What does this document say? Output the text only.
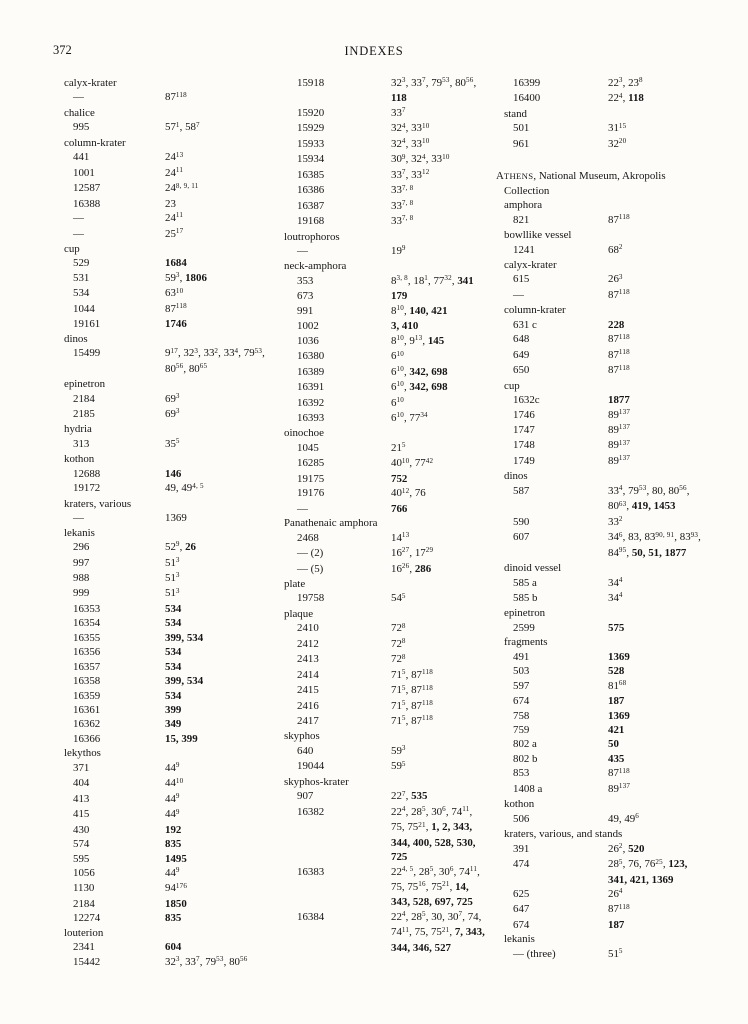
372	INDEXES
calyx-krater
—	$87^{118}$
chalice
995	$57^1$, $58^7$
column-krater
441	$24^{13}$
1001	$24^{11}$
12587	24$^{8, 9, 11}$
16388	23
—	$24^{11}$
—	$25^{17}$
cup
529	1684
531	$59^3$, 1806
534	$63^{10}$
1044	$87^{118}$
19161	1746
dinos
15499	$9^{17}$, $32^3$, $33^2$, $33^4$, $79^{53}$, $80^{56}$, $80^{65}$
epinetron
2184	$69^3$
2185	$69^3$
hydria
313	$35^5$
kothon
12688	146
19172	49, 49$^{4, 5}$
kraters, various
—	1369
lekanis
296	$52^9$, 26
997	$51^3$
988	$51^3$
999	$51^3$
16353	534
16354	534
16355	399, 534
16356	534
16357	534
16358	399, 534
16359	534
16361	399
16362	349
16366	15, 399
lekythos
371	$44^9$
404	$44^{10}$
413	$44^9$
415	$44^9$
430	192
574	835
595	1495
1056	$44^9$
1130	$94^{176}$
2184	1850
12274	835
louterion
2341	604
15442	$32^3$, $33^7$, $79^{53}$, $80^{56}$
15918	$32^3$, $33^7$, $79^{53}$, $80^{56}$, 118
15920	$33^7$
15929	$32^4$, $33^{10}$
15933	$32^4$, $33^{10}$
15934	$30^9$, $32^4$, $33^{10}$
16385	$33^7$, $33^{12}$
16386	33$^{7, 8}$
16387	33$^{7, 8}$
19168	33$^{7, 8}$
loutrophoros
—	$19^9$
neck-amphora
353	8$^{3, 8}$, $18^1$, $77^{32}$, 341
673	179
991	$8^{10}$, 140, 421
1002	3, 410
1036	$8^{10}$, $9^{13}$, 145
16380	$6^{10}$
16389	$6^{10}$, 342, 698
16391	$6^{10}$, 342, 698
16392	$6^{10}$
16393	$6^{10}$, $77^{34}$
oinochoe
1045	$21^5$
16285	$40^{10}$, $77^{42}$
19175	752
19176	$40^{12}$, 76
—	766
Panathenaic amphora
2468	$14^{13}$
— (2)	$16^{27}$, $17^{29}$
— (5)	$16^{26}$, 286
plate
19758	$54^5$
plaque
2410	$72^8$
2412	$72^8$
2413	$72^8$
2414	$71^5$, $87^{118}$
2415	$71^5$, $87^{118}$
2416	$71^5$, $87^{118}$
2417	$71^5$, $87^{118}$
skyphos
640	$59^3$
19044	$59^5$
skyphos-krater
907	$22^7$, 535
16382	$22^4$, $28^5$, $30^6$, $74^{11}$, 75, $75^{21}$, 1, 2, 343, 344, 400, 528, 530, 725
16383	22$^{4, 5}$, $28^5$, $30^6$, $74^{11}$, 75, $75^{16}$, $75^{21}$, 14, 343, 528, 697, 725
16384	$22^4$, $28^5$, 30, $30^7$, 74, $74^{11}$, 75, $75^{21}$, 7, 343, 344, 346, 527
16399	$22^3$, $23^8$
16400	$22^4$, 118
stand
501	$31^{15}$
961	$32^{20}$
ATHENS, National Museum, Akropolis
Collection
amphora
821	$87^{118}$
bowllike vessel
1241	$68^2$
calyx-krater
615	$26^3$
—	$87^{118}$
column-krater
631 c	228
648	$87^{118}$
649	$87^{118}$
650	$87^{118}$
cup
1632c	1877
1746	$89^{137}$
1747	$89^{137}$
1748	$89^{137}$
1749	$89^{137}$
dinos
587	$33^4$, $79^{53}$, 80, $80^{56}$, $80^{63}$, 419, 1453
590	$33^2$
607	$34^6$, 83, 83$^{90, 91}$, $83^{93}$, $84^{95}$, 50, 51, 1877
dinoid vessel
585 a	$34^4$
585 b	$34^4$
epinetron
2599	575
fragments
491	1369
503	528
597	$81^{68}$
674	187
758	1369
759	421
802 a	50
802 b	435
853	$87^{118}$
1408 a	$89^{137}$
kothon
506	49, $49^6$
kraters, various, and stands
391	$26^2$, 520
474	$28^5$, 76, $76^{25}$, 123, 341, 421, 1369
625	$26^4$
647	$87^{118}$
674	187
lekanis
— (three)	$51^5$
